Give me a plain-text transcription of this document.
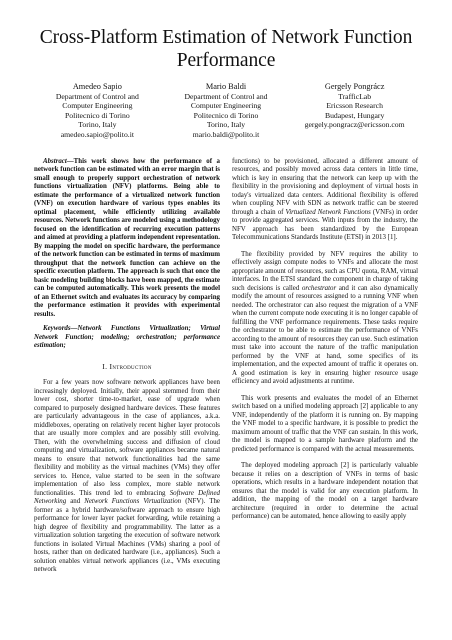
Cross-Platform Estimation of Network Function Performance
Amedeo Sapio
Department of Control and
Computer Engineering
Politecnico di Torino
Torino, Italy
amedeo.sapio@polito.it
Mario Baldi
Department of Control and
Computer Engineering
Politecnico di Torino
Torino, Italy
mario.baldi@polito.it
Gergely Pongrácz
TrafficLab
Ericsson Research
Budapest, Hungary
gergely.pongracz@ericsson.com

Abstract—This work shows how the performance of a network function can be estimated with an error margin that is small enough to properly support orchestration of network functions virtualization (NFV) platforms. Being able to estimate the performance of a virtualized network function (VNF) on execution hardware of various types enables its optimal placement, while efficiently utilizing available resources. Network functions are modeled using a methodology focused on the identification of recurring execution patterns and aimed at providing a platform independent representation. By mapping the model on specific hardware, the performance of the network function can be estimated in terms of maximum throughput that the network function can achieve on the specific execution platform. The approach is such that once the basic modeling building blocks have been mapped, the estimate can be computed automatically. This work presents the model of an Ethernet switch and evaluates its accuracy by comparing the performance estimation it provides with experimental results.

Keywords—Network Functions Virtualization; Virtual Network Function; modeling; orchestration; performance estimation;

I. Introduction

For a few years now software network appliances have been increasingly deployed. Initially, their appeal stemmed from their lower cost, shorter time-to-market, ease of upgrade when compared to purposely designed hardware devices. These features are particularly advantageous in the case of appliances, a.k.a. middleboxes, operating on relatively recent higher layer protocols that are usually more complex and are possibly still evolving. Then, with the overwhelming success and diffusion of cloud computing and virtualization, software appliances became natural means to ensure that network functionalities had the same flexibility and mobility as the virtual machines (VMs) they offer services to. Hence, value started to be seen in the software implementation of also less complex, more stable network functionalities. This trend led to embracing Software Defined Networking and Network Functions Virtualization (NFV). The former as a hybrid hardware/software approach to ensure high performance for lower layer packet forwarding, while retaining a high degree of flexibility and programmability. The latter as a virtualization solution targeting the execution of software network functions in isolated Virtual Machines (VMs) sharing a pool of hosts, rather than on dedicated hardware (i.e., appliances). Such a solution enables virtual network appliances (i.e., VMs executing network

functions) to be provisioned, allocated a different amount of resources, and possibly moved across data centers in little time, which is key in ensuring that the network can keep up with the flexibility in the provisioning and deployment of virtual hosts in today's virtualized data centers. Additional flexibility is offered when coupling NFV with SDN as network traffic can be steered through a chain of Virtualized Network Functions (VNFs) in order to provide aggregated services. With inputs from the industry, the NFV approach has been standardized by the European Telecommunications Standards Institute (ETSI) in 2013 [1].

The flexibility provided by NFV requires the ability to effectively assign compute nodes to VNFs and allocate the most appropriate amount of resources, such as CPU quota, RAM, virtual interfaces. In the ETSI standard the component in charge of taking such decisions is called orchestrator and it can also dynamically modify the amount of resources assigned to a running VNF when needed. The orchestrator can also request the migration of a VNF when the current compute node executing it is no longer capable of fulfilling the VNF performance requirements. These tasks require the orchestrator to be able to estimate the performance of VNFs according to the amount of resources they can use. Such estimation must take into account the nature of the traffic manipulation performed by the VNF at hand, some specifics of its implementation, and the expected amount of traffic it operates on. A good estimation is key in ensuring higher resource usage efficiency and avoid adjustments at runtime.

This work presents and evaluates the model of an Ethernet switch based on a unified modeling approach [2] applicable to any VNF, independently of the platform it is running on. By mapping the VNF model to a specific hardware, it is possible to predict the maximum amount of traffic that the VNF can sustain. In this work, the model is mapped to a sample hardware platform and the predicted performance is compared with the actual measurements.

The deployed modeling approach [2] is particularly valuable because it relies on a description of VNFs in terms of basic operations, which results in a hardware independent notation that ensures that the model is valid for any execution platform. In addition, the mapping of the model on a target hardware architecture (required in order to determine the actual performance) can be automated, hence allowing to easily apply
